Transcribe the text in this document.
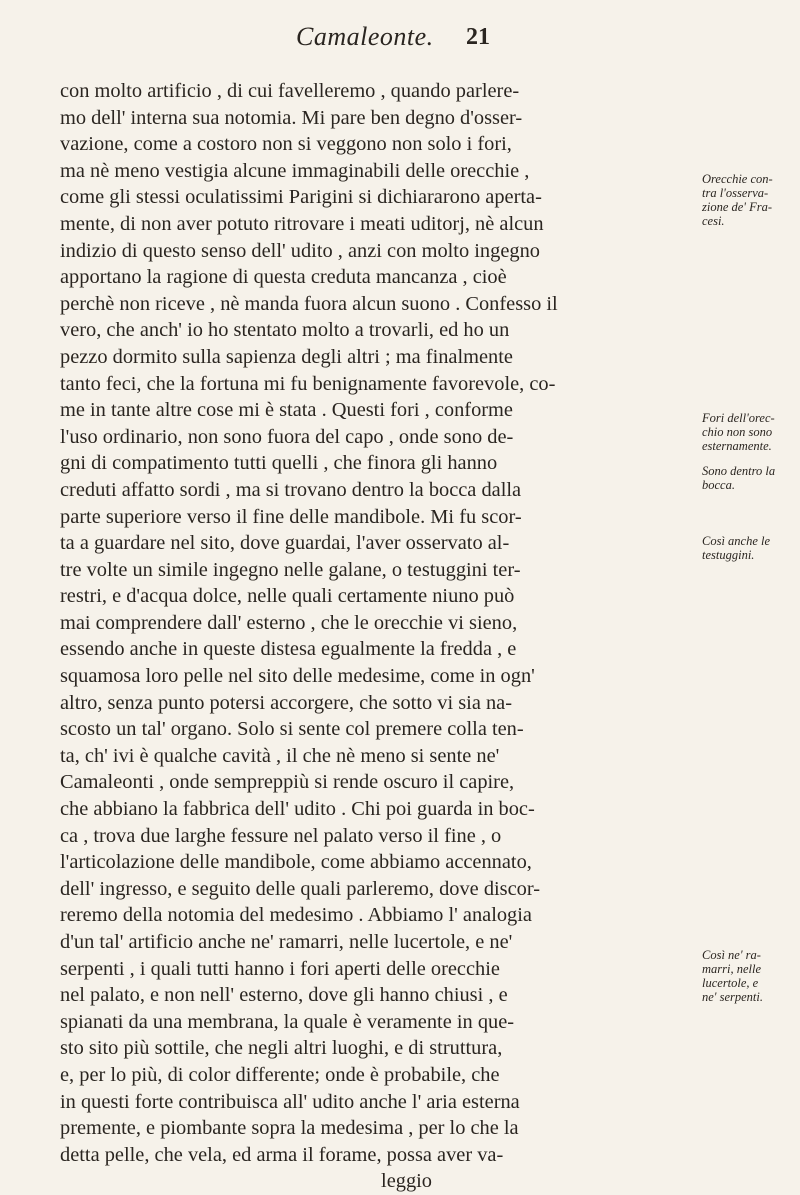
Camaleonte. 21
con molto artificio , di cui favelleremo , quando parlere-
mo dell' interna sua notomia. Mi pare ben degno d'osser-
vazione, come a costoro non si veggono non solo i fori,
ma nè meno vestigia alcune immaginabili delle orecchie ,
come gli stessi oculatissimi Parigini si dichiararono aperta-
mente, di non aver potuto ritrovare i meati uditorj, nè alcun
indizio di questo senso dell' udito , anzi con molto ingegno
apportano la ragione di questa creduta mancanza , cioè
perchè non riceve , nè manda fuora alcun suono . Confesso il
vero, che anch' io ho stentato molto a trovarli, ed ho un
pezzo dormito sulla sapienza degli altri ; ma finalmente
tanto feci, che la fortuna mi fu benignamente favorevole, co-
me in tante altre cose mi è stata . Questi fori , conforme
l'uso ordinario, non sono fuora del capo , onde sono de-
gni di compatimento tutti quelli , che finora gli hanno
creduti affatto sordi , ma si trovano dentro la bocca dalla
parte superiore verso il fine delle mandibole. Mi fu scor-
ta a guardare nel sito, dove guardai, l'aver osservato al-
tre volte un simile ingegno nelle galane, o testuggini ter-
restri, e d'acqua dolce, nelle quali certamente niuno può
mai comprendere dall' esterno , che le orecchie vi sieno,
essendo anche in queste distesa egualmente la fredda , e
squamosa loro pelle nel sito delle medesime, come in ogn'
altro, senza punto potersi accorgere, che sotto vi sia na-
scosto un tal' organo. Solo si sente col premere colla ten-
ta, ch' ivi è qualche cavità , il che nè meno si sente ne'
Camaleonti , onde sempreppiù si rende oscuro il capire,
che abbiano la fabbrica dell' udito . Chi poi guarda in boc-
ca , trova due larghe fessure nel palato verso il fine , o
l'articolazione delle mandibole, come abbiamo accennato,
dell' ingresso, e seguito delle quali parleremo, dove discor-
reremo della notomia del medesimo . Abbiamo l' analogia
d'un tal' artificio anche ne' ramarri, nelle lucertole, e ne'
serpenti , i quali tutti hanno i fori aperti delle orecchie
nel palato, e non nell' esterno, dove gli hanno chiusi , e
spianati da una membrana, la quale è veramente in que-
sto sito più sottile, che negli altri luoghi, e di struttura,
e, per lo più, di color differente; onde è probabile, che
in questi forte contribuisca all' udito anche l' aria esterna
premente, e piombante sopra la medesima , per lo che la
detta pelle, che vela, ed arma il forame, possa aver va-
leggio
Orecchie con-
tra l'osserva-
zione de' Fra-
cesi.
Fori dell'orec-
chio non sono
esternamente.
Sono dentro la
bocca.
Così anche le
testuggini.
Così ne' ra-
marri, nelle
lucertole, e
ne' serpenti.
